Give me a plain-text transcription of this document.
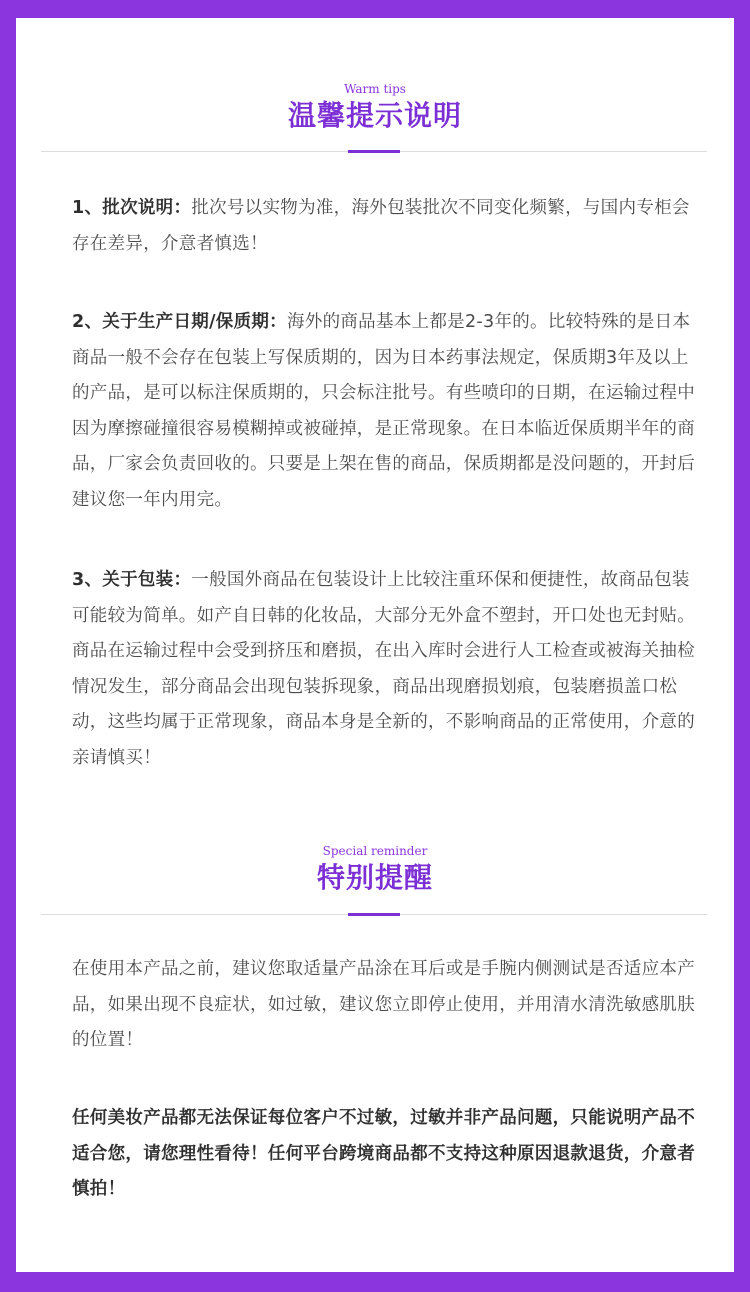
Warm tips
温馨提示说明
1、批次说明：批次号以实物为准，海外包装批次不同变化频繁，与国内专柜会存在差异，介意者慎选！
2、关于生产日期/保质期：海外的商品基本上都是2-3年的。比较特殊的是日本商品一般不会存在包装上写保质期的，因为日本药事法规定，保质期3年及以上的产品，是可以标注保质期的，只会标注批号。有些喷印的日期，在运输过程中因为摩擦碰撞很容易模糊掉或被碰掉，是正常现象。在日本临近保质期半年的商品，厂家会负责回收的。只要是上架在售的商品，保质期都是没问题的，开封后建议您一年内用完。
3、关于包装：一般国外商品在包装设计上比较注重环保和便捷性，故商品包装可能较为简单。如产自日韩的化妆品，大部分无外盒不塑封，开口处也无封贴。商品在运输过程中会受到挤压和磨损，在出入库时会进行人工检查或被海关抽检情况发生，部分商品会出现包装拆现象，商品出现磨损划痕，包装磨损盖口松动，这些均属于正常现象，商品本身是全新的，不影响商品的正常使用，介意的亲请慎买！
Special reminder
特别提醒
在使用本产品之前，建议您取适量产品涂在耳后或是手腕内侧测试是否适应本产品，如果出现不良症状，如过敏，建议您立即停止使用，并用清水清洗敏感肌肤的位置！
任何美妆产品都无法保证每位客户不过敏，过敏并非产品问题，只能说明产品不适合您，请您理性看待！任何平台跨境商品都不支持这种原因退款退货，介意者慎拍！
